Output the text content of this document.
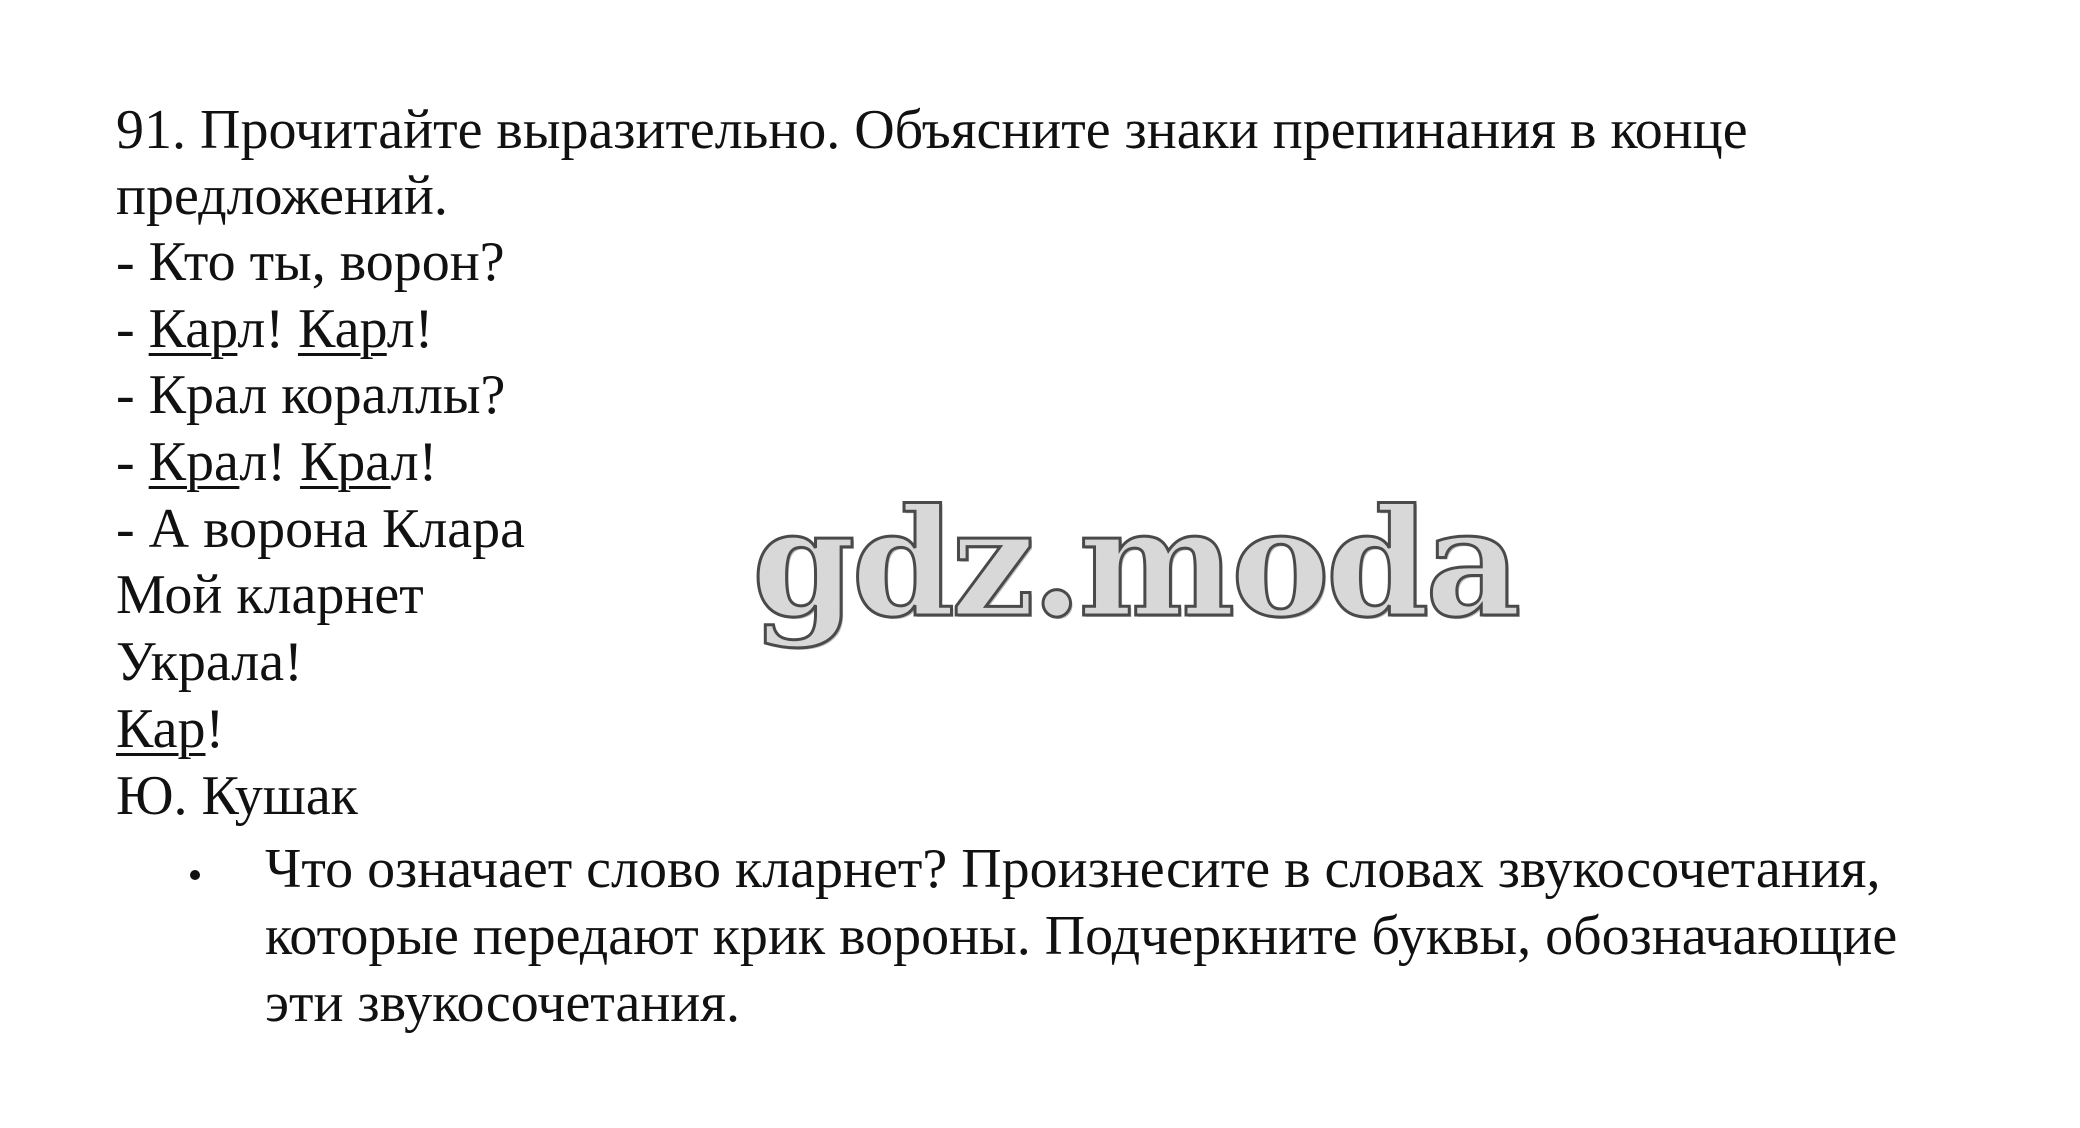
91. Прочитайте выразительно. Объясните знаки препинания в конце
предложений.
- Кто ты, ворон?
- Карл! Карл!
- Крал кораллы?
- Крал! Крал!
- А ворона Клара
Мой кларнет
Украла!
Кар!
Ю. Кушак
Что означает слово кларнет? Произнесите в словах звукосочетания,
которые передают крик вороны. Подчеркните буквы, обозначающие
эти звукосочетания.
gdz.moda
